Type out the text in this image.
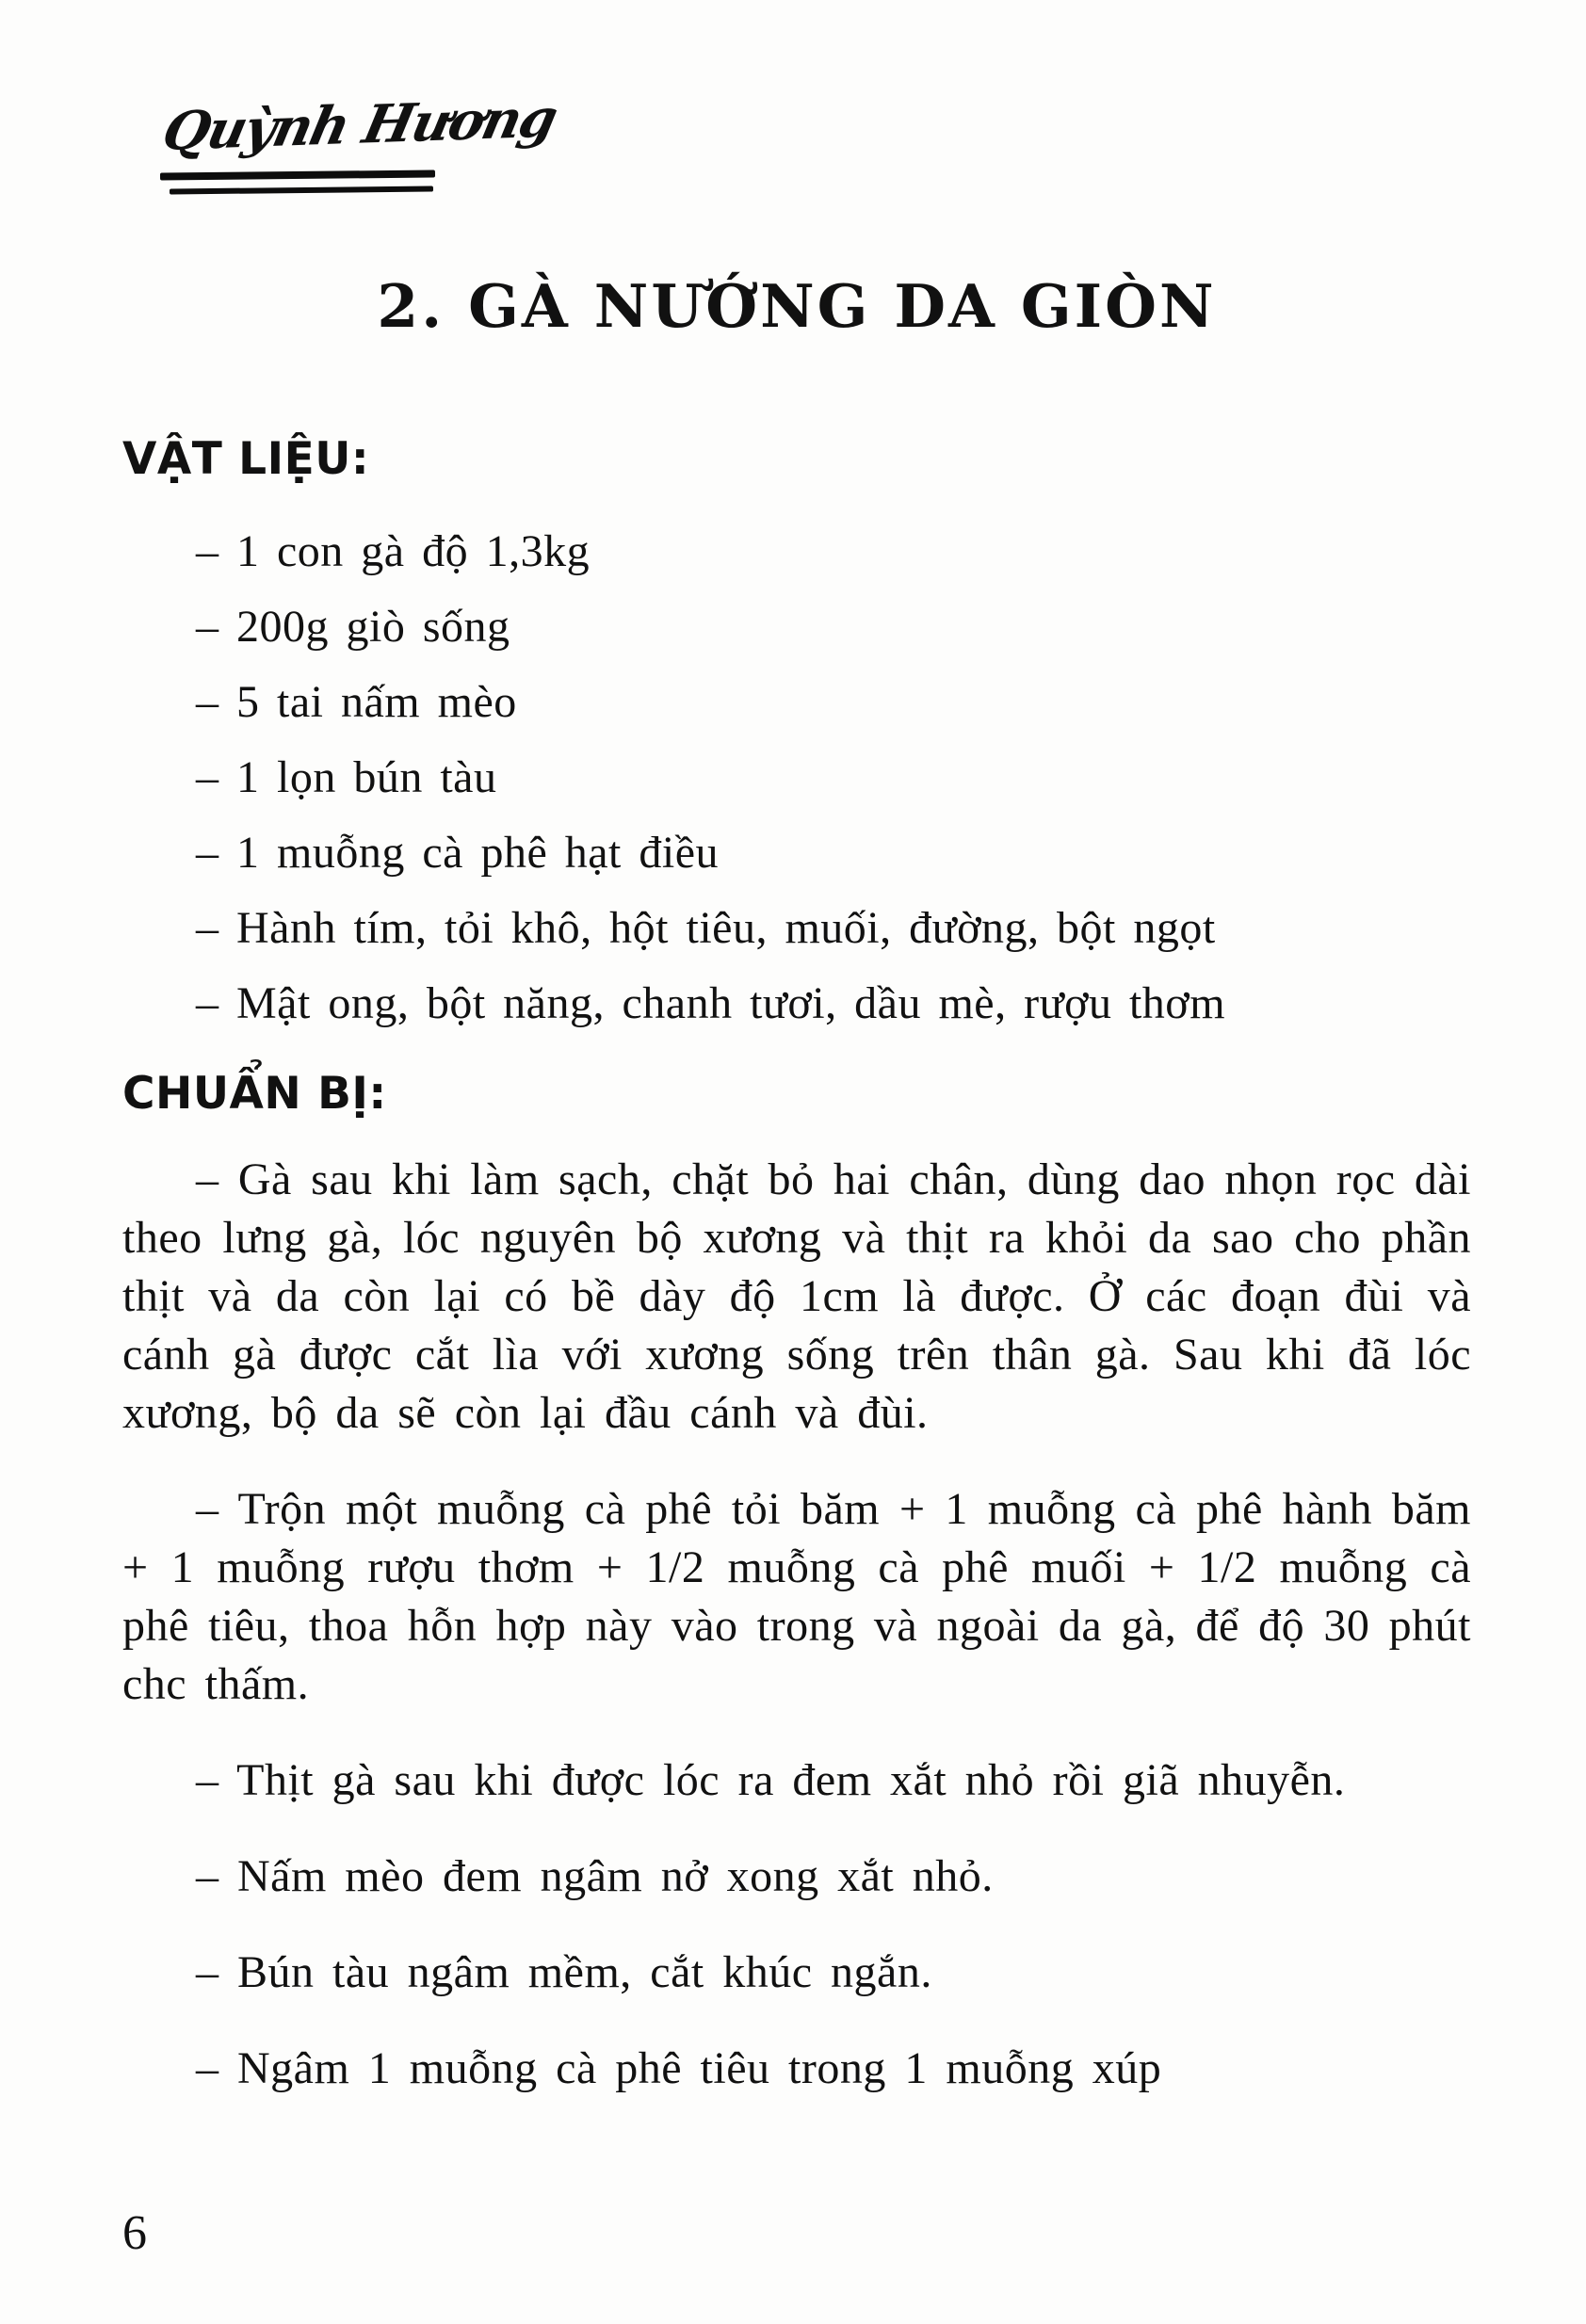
Quỳnh Hương
2. GÀ NƯỚNG DA GIÒN
VẬT LIỆU:
– 1 con gà độ 1,3kg
– 200g giò sống
– 5 tai nấm mèo
– 1 lọn bún tàu
– 1 muỗng cà phê hạt điều
– Hành tím, tỏi khô, hột tiêu, muối, đường, bột ngọt
– Mật ong, bột năng, chanh tươi, dầu mè, rượu thơm
CHUẨN BỊ:

– Gà sau khi làm sạch, chặt bỏ hai chân, dùng dao nhọn rọc dài theo lưng gà, lóc nguyên bộ xương và thịt ra khỏi da sao cho phần thịt và da còn lại có bề dày độ 1cm là được. Ở các đoạn đùi và cánh gà được cắt lìa với xương sống trên thân gà. Sau khi đã lóc xương, bộ da sẽ còn lại đầu cánh và đùi.

– Trộn một muỗng cà phê tỏi băm + 1 muỗng cà phê hành băm + 1 muỗng rượu thơm + 1/2 muỗng cà phê muối + 1/2 muỗng cà phê tiêu, thoa hỗn hợp này vào trong và ngoài da gà, để độ 30 phút chc thấm.

– Thịt gà sau khi được lóc ra đem xắt nhỏ rồi giã nhuyễn.

– Nấm mèo đem ngâm nở xong xắt nhỏ.

– Bún tàu ngâm mềm, cắt khúc ngắn.

– Ngâm 1 muỗng cà phê tiêu trong 1 muỗng xúp

6
